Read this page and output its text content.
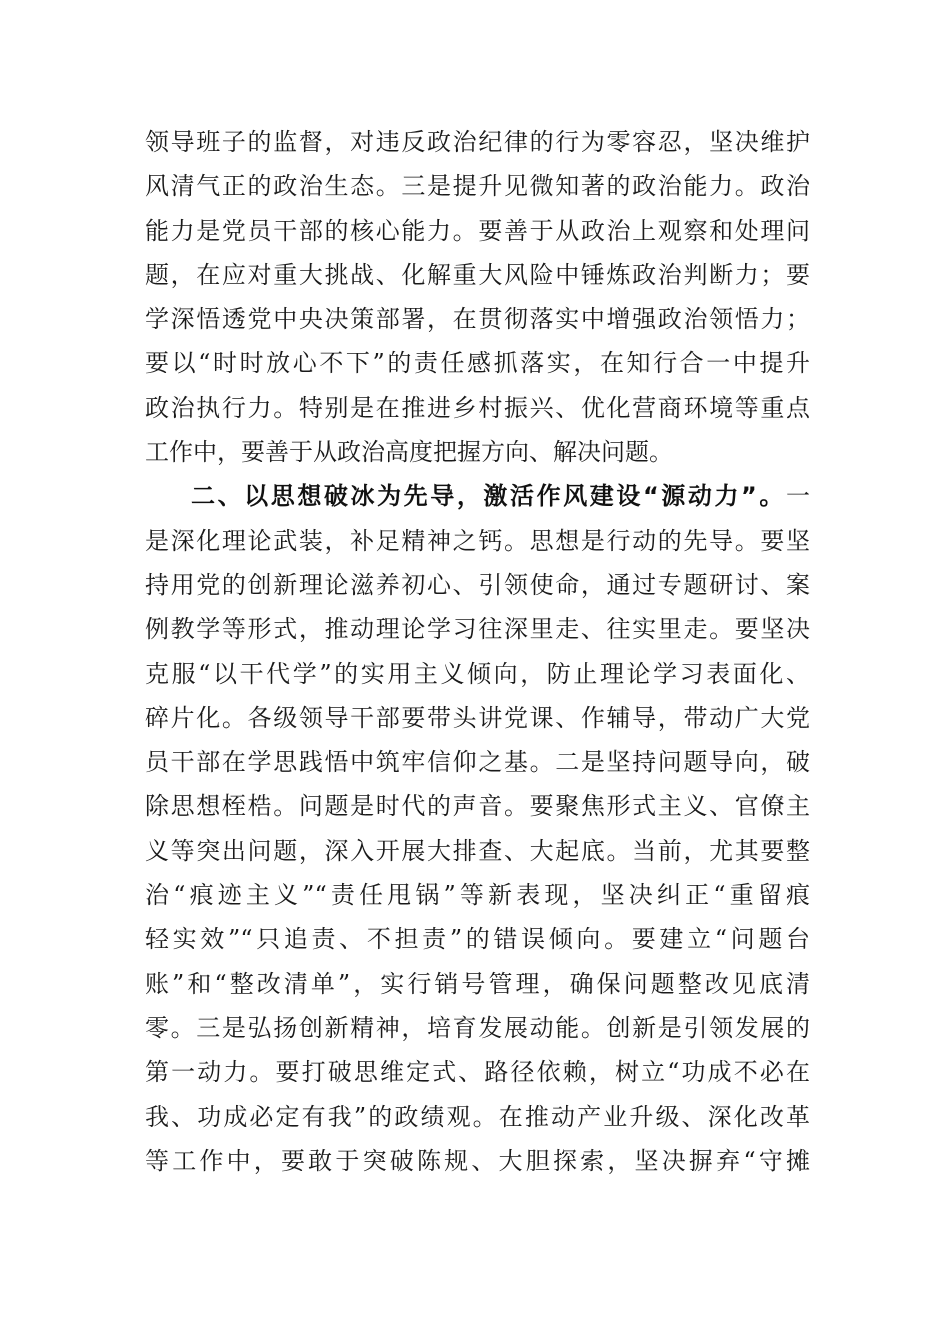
领导班子的监督，对违反政治纪律的行为零容忍，坚决维护
风清气正的政治生态。三是提升见微知著的政治能力。政治
能力是党员干部的核心能力。要善于从政治上观察和处理问
题，在应对重大挑战、化解重大风险中锤炼政治判断力；要
学深悟透党中央决策部署，在贯彻落实中增强政治领悟力；
要以“时时放心不下”的责任感抓落实，在知行合一中提升
政治执行力。特别是在推进乡村振兴、优化营商环境等重点
工作中，要善于从政治高度把握方向、解决问题。
二、以思想破冰为先导，激活作风建设“源动力”。一
是深化理论武装，补足精神之钙。思想是行动的先导。要坚
持用党的创新理论滋养初心、引领使命，通过专题研讨、案
例教学等形式，推动理论学习往深里走、往实里走。要坚决
克服“以干代学”的实用主义倾向，防止理论学习表面化、
碎片化。各级领导干部要带头讲党课、作辅导，带动广大党
员干部在学思践悟中筑牢信仰之基。二是坚持问题导向，破
除思想桎梏。问题是时代的声音。要聚焦形式主义、官僚主
义等突出问题，深入开展大排查、大起底。当前，尤其要整
治“痕迹主义”“责任甩锅”等新表现，坚决纠正“重留痕
轻实效”“只追责、不担责”的错误倾向。要建立“问题台
账”和“整改清单”，实行销号管理，确保问题整改见底清
零。三是弘扬创新精神，培育发展动能。创新是引领发展的
第一动力。要打破思维定式、路径依赖，树立“功成不必在
我、功成必定有我”的政绩观。在推动产业升级、深化改革
等工作中，要敢于突破陈规、大胆探索，坚决摒弃“守摊
